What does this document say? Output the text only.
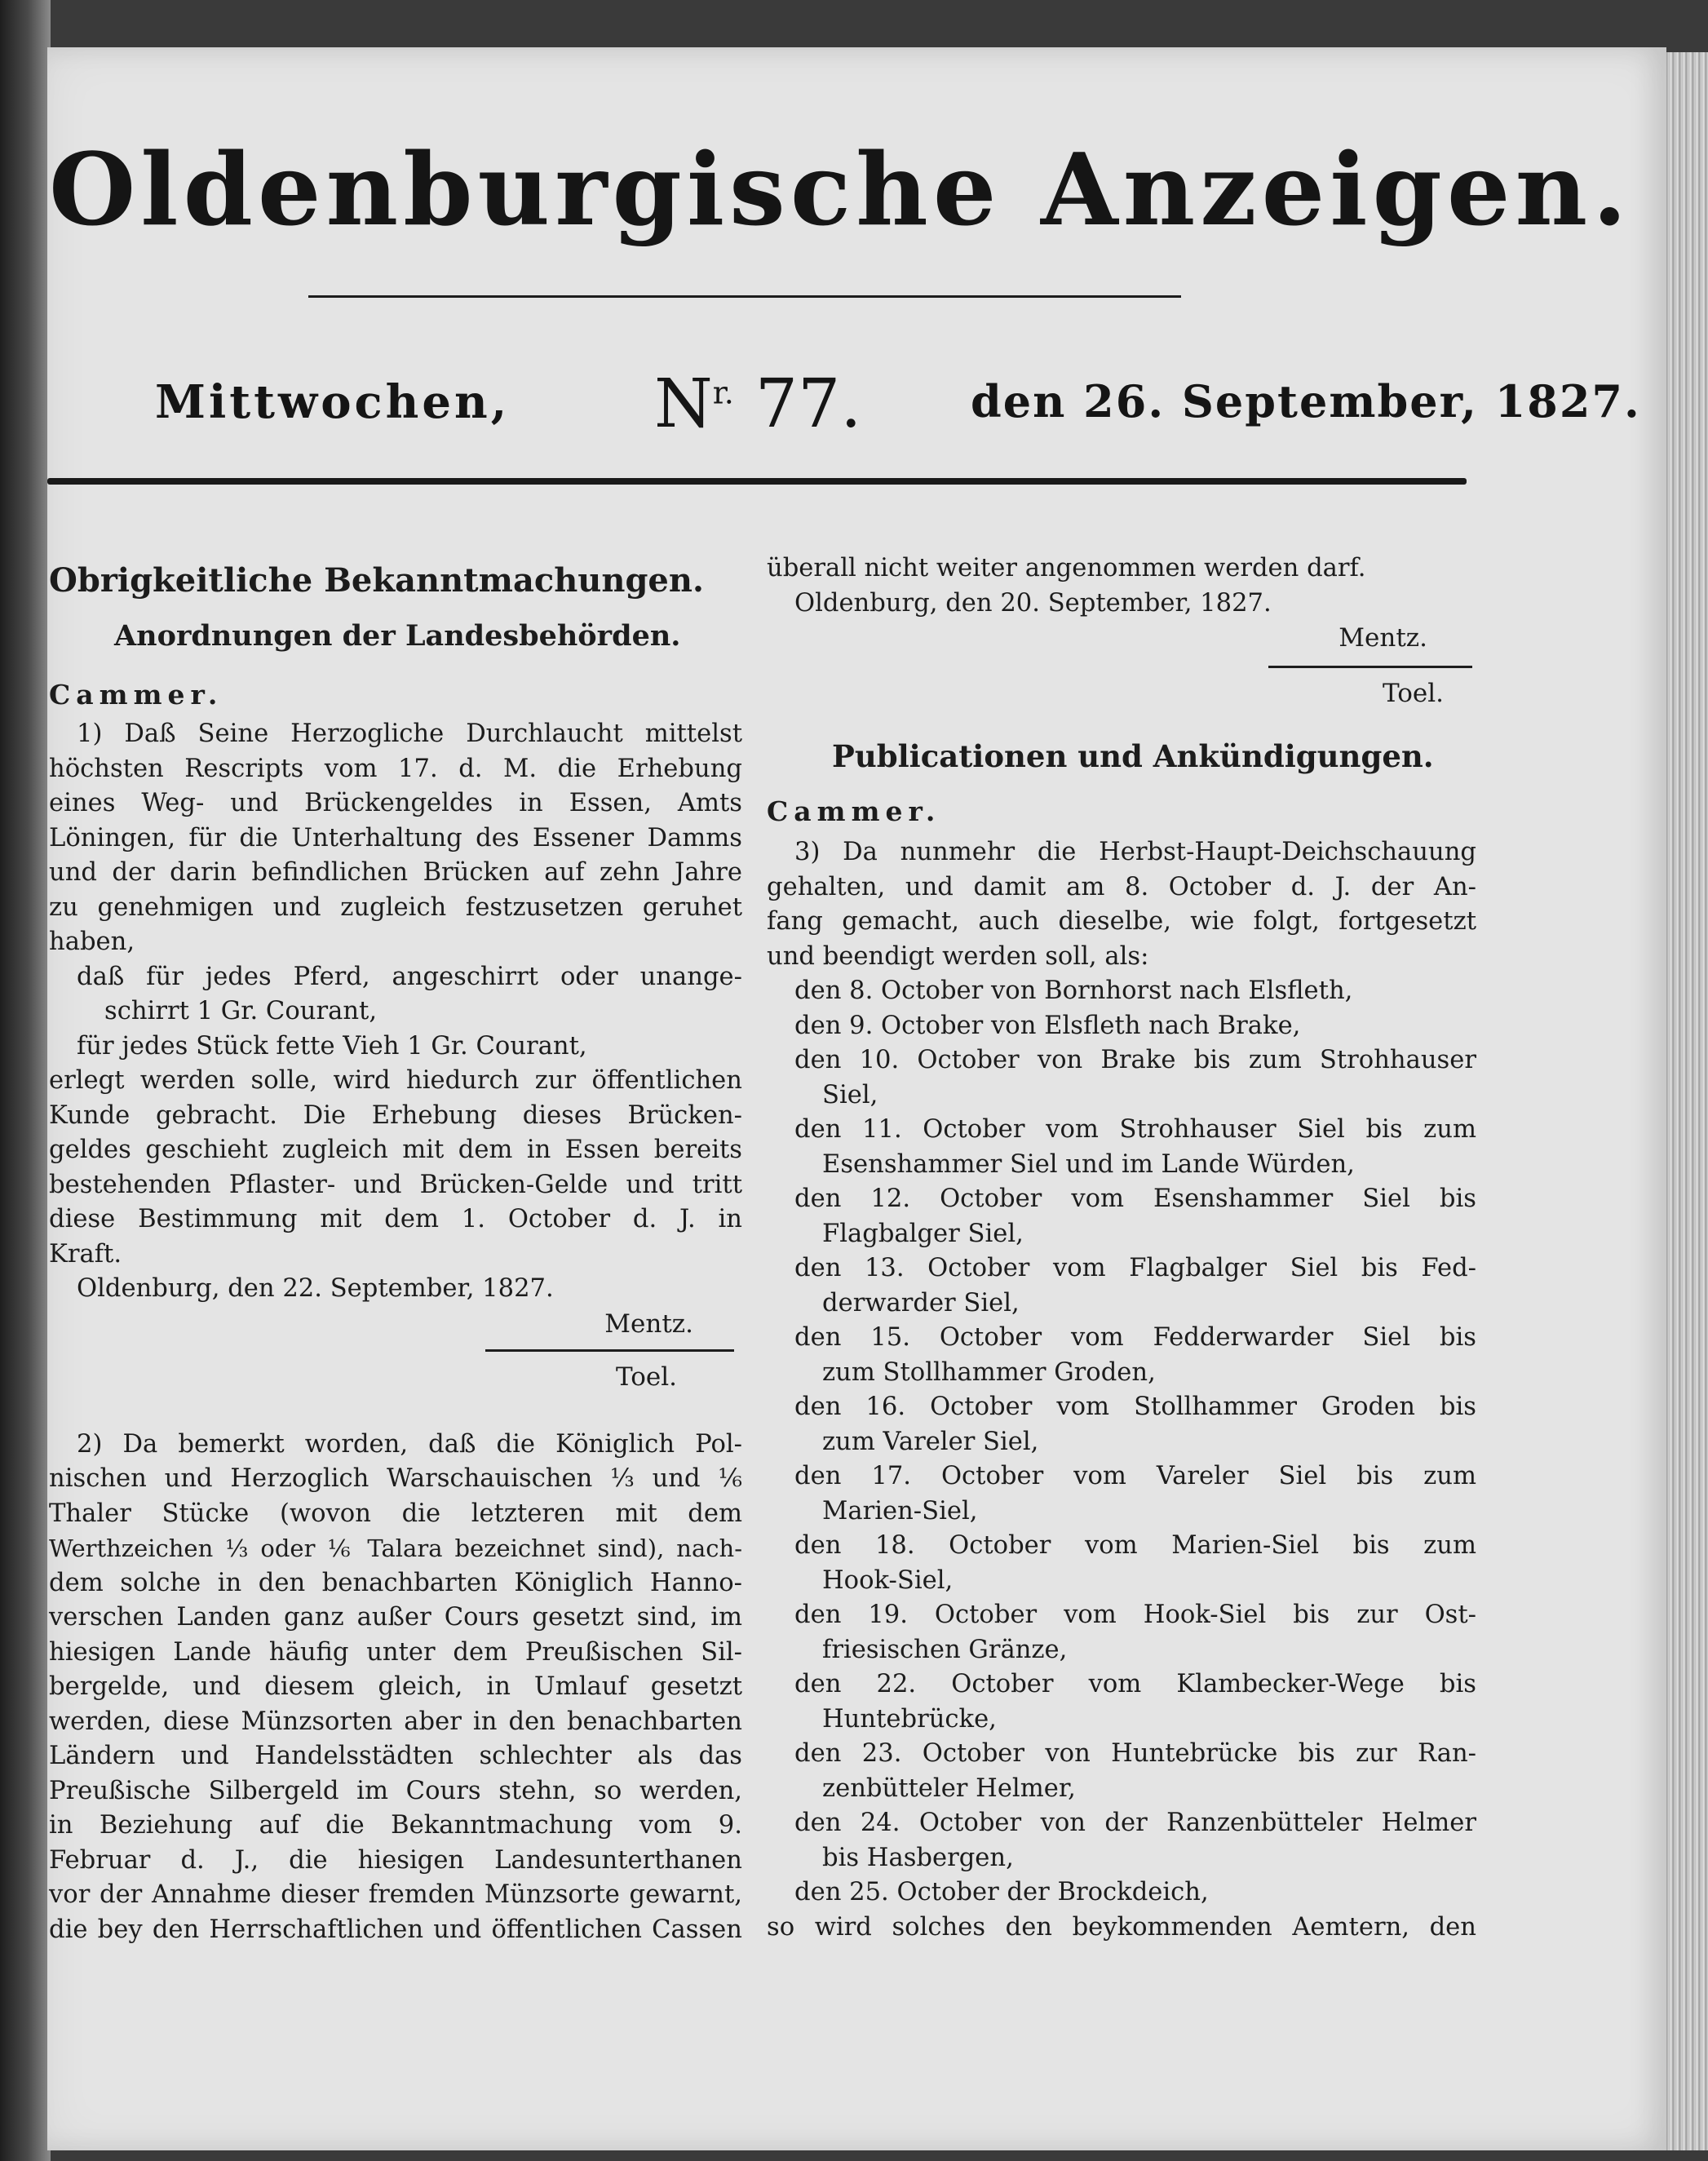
Oldenburgische Anzeigen.
Mittwochen, $N^{r.}$ 77. den 26. September, 1827.
Obrigkeitliche Bekanntmachungen.
Anordnungen der Landesbehörden.
Cammer.
1) Daß Seine Herzogliche Durchlaucht mittelst
höchsten Rescripts vom 17. d. M. die Erhebung
eines Weg- und Brückengeldes in Essen, Amts
Löningen, für die Unterhaltung des Essener Damms
und der darin befindlichen Brücken auf zehn Jahre
zu genehmigen und zugleich festzusetzen geruhet
haben,
daß für jedes Pferd, angeschirrt oder unange-
schirrt 1 Gr. Courant,
für jedes Stück fette Vieh 1 Gr. Courant,
erlegt werden solle, wird hiedurch zur öffentlichen
Kunde gebracht. Die Erhebung dieses Brücken-
geldes geschieht zugleich mit dem in Essen bereits
bestehenden Pflaster- und Brücken-Gelde und tritt
diese Bestimmung mit dem 1. October d. J. in
Kraft.
Oldenburg, den 22. September, 1827.
Mentz.
Toel.
2) Da bemerkt worden, daß die Königlich Pol-
nischen und Herzoglich Warschauischen ⅓ und ⅙
Thaler Stücke (wovon die letzteren mit dem
Werthzeichen ⅓ oder ⅙ Talara bezeichnet sind), nach-
dem solche in den benachbarten Königlich Hanno-
verschen Landen ganz außer Cours gesetzt sind, im
hiesigen Lande häufig unter dem Preußischen Sil-
bergelde, und diesem gleich, in Umlauf gesetzt
werden, diese Münzsorten aber in den benachbarten
Ländern und Handelsstädten schlechter als das
Preußische Silbergeld im Cours stehn, so werden,
in Beziehung auf die Bekanntmachung vom 9.
Februar d. J., die hiesigen Landesunterthanen
vor der Annahme dieser fremden Münzsorte gewarnt,
die bey den Herrschaftlichen und öffentlichen Cassen
überall nicht weiter angenommen werden darf.
Oldenburg, den 20. September, 1827.
Mentz.
Toel.
Publicationen und Ankündigungen.
Cammer.
3) Da nunmehr die Herbst-Haupt-Deichschauung
gehalten, und damit am 8. October d. J. der An-
fang gemacht, auch dieselbe, wie folgt, fortgesetzt
und beendigt werden soll, als:
den 8. October von Bornhorst nach Elsfleth,
den 9. October von Elsfleth nach Brake,
den 10. October von Brake bis zum Strohhauser
Siel,
den 11. October vom Strohhauser Siel bis zum
Esenshammer Siel und im Lande Würden,
den 12. October vom Esenshammer Siel bis
Flagbalger Siel,
den 13. October vom Flagbalger Siel bis Fed-
derwarder Siel,
den 15. October vom Fedderwarder Siel bis
zum Stollhammer Groden,
den 16. October vom Stollhammer Groden bis
zum Vareler Siel,
den 17. October vom Vareler Siel bis zum
Marien-Siel,
den 18. October vom Marien-Siel bis zum
Hook-Siel,
den 19. October vom Hook-Siel bis zur Ost-
friesischen Gränze,
den 22. October vom Klambecker-Wege bis
Huntebrücke,
den 23. October von Huntebrücke bis zur Ran-
zenbütteler Helmer,
den 24. October von der Ranzenbütteler Helmer
bis Hasbergen,
den 25. October der Brockdeich,
so wird solches den beykommenden Aemtern, den
